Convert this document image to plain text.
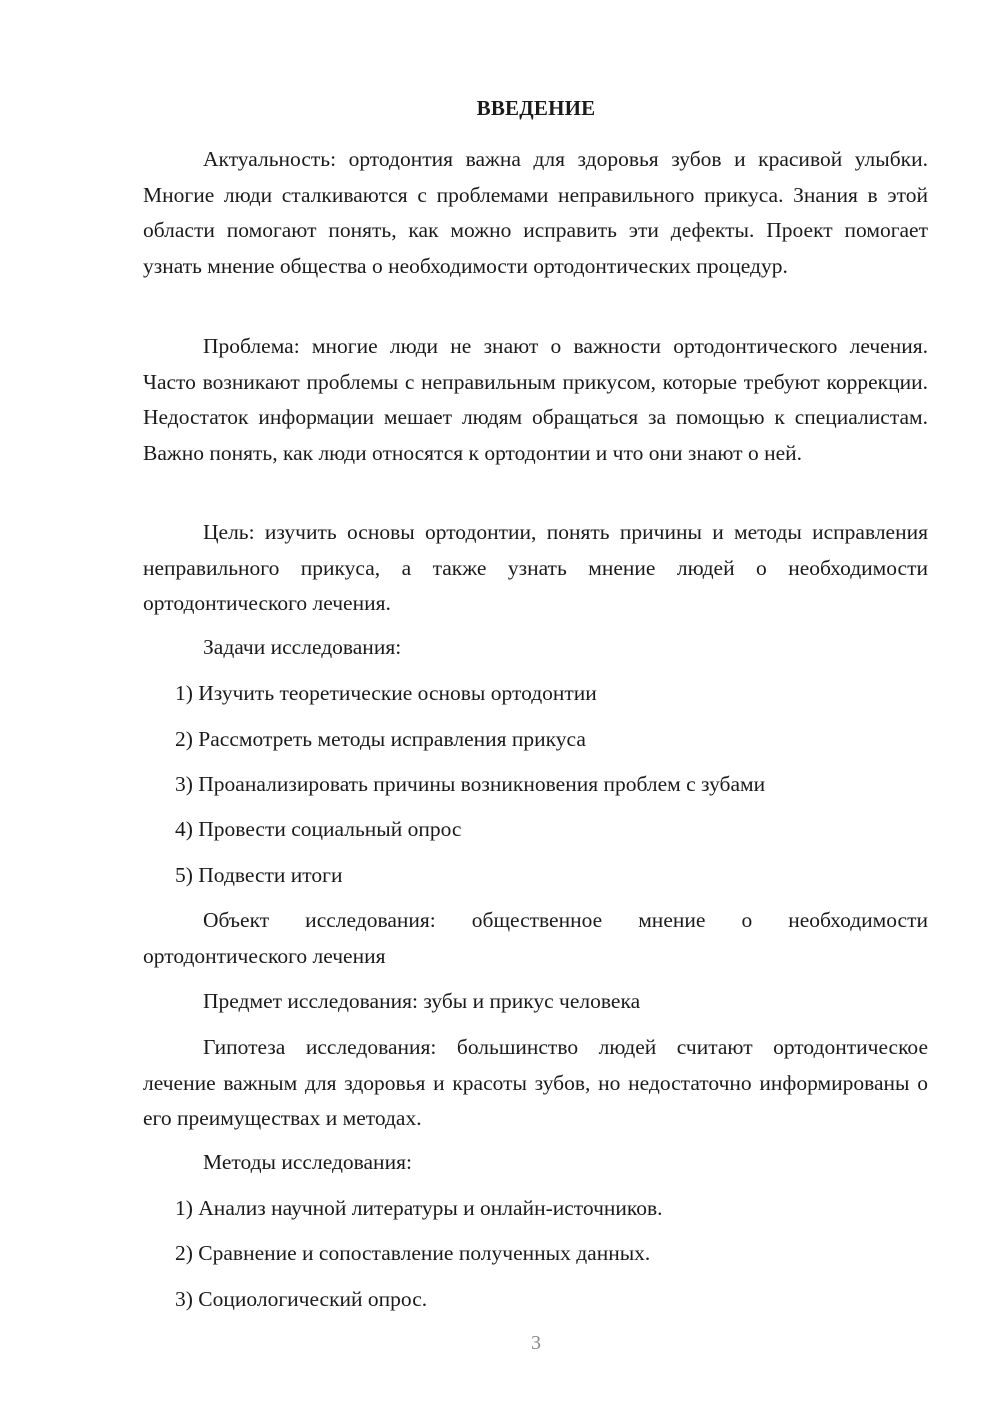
ВВЕДЕНИЕ

Актуальность: ортодонтия важна для здоровья зубов и красивой улыбки. Многие люди сталкиваются с проблемами неправильного прикуса. Знания в этой области помогают понять, как можно исправить эти дефекты. Проект помогает узнать мнение общества о необходимости ортодонтических процедур.

Проблема: многие люди не знают о важности ортодонтического лечения. Часто возникают проблемы с неправильным прикусом, которые требуют коррекции. Недостаток информации мешает людям обращаться за помощью к специалистам. Важно понять, как люди относятся к ортодонтии и что они знают о ней.

Цель: изучить основы ортодонтии, понять причины и методы исправления неправильного прикуса, а также узнать мнение людей о необходимости ортодонтического лечения.

Задачи исследования:
1) Изучить теоретические основы ортодонтии
2) Рассмотреть методы исправления прикуса
3) Проанализировать причины возникновения проблем с зубами
4) Провести социальный опрос
5) Подвести итоги

Объект исследования: общественное мнение о необходимости ортодонтического лечения

Предмет исследования: зубы и прикус человека

Гипотеза исследования: большинство людей считают ортодонтическое лечение важным для здоровья и красоты зубов, но недостаточно информированы о его преимуществах и методах.

Методы исследования:
1) Анализ научной литературы и онлайн-источников.
2) Сравнение и сопоставление полученных данных.
3) Социологический опрос.
3
